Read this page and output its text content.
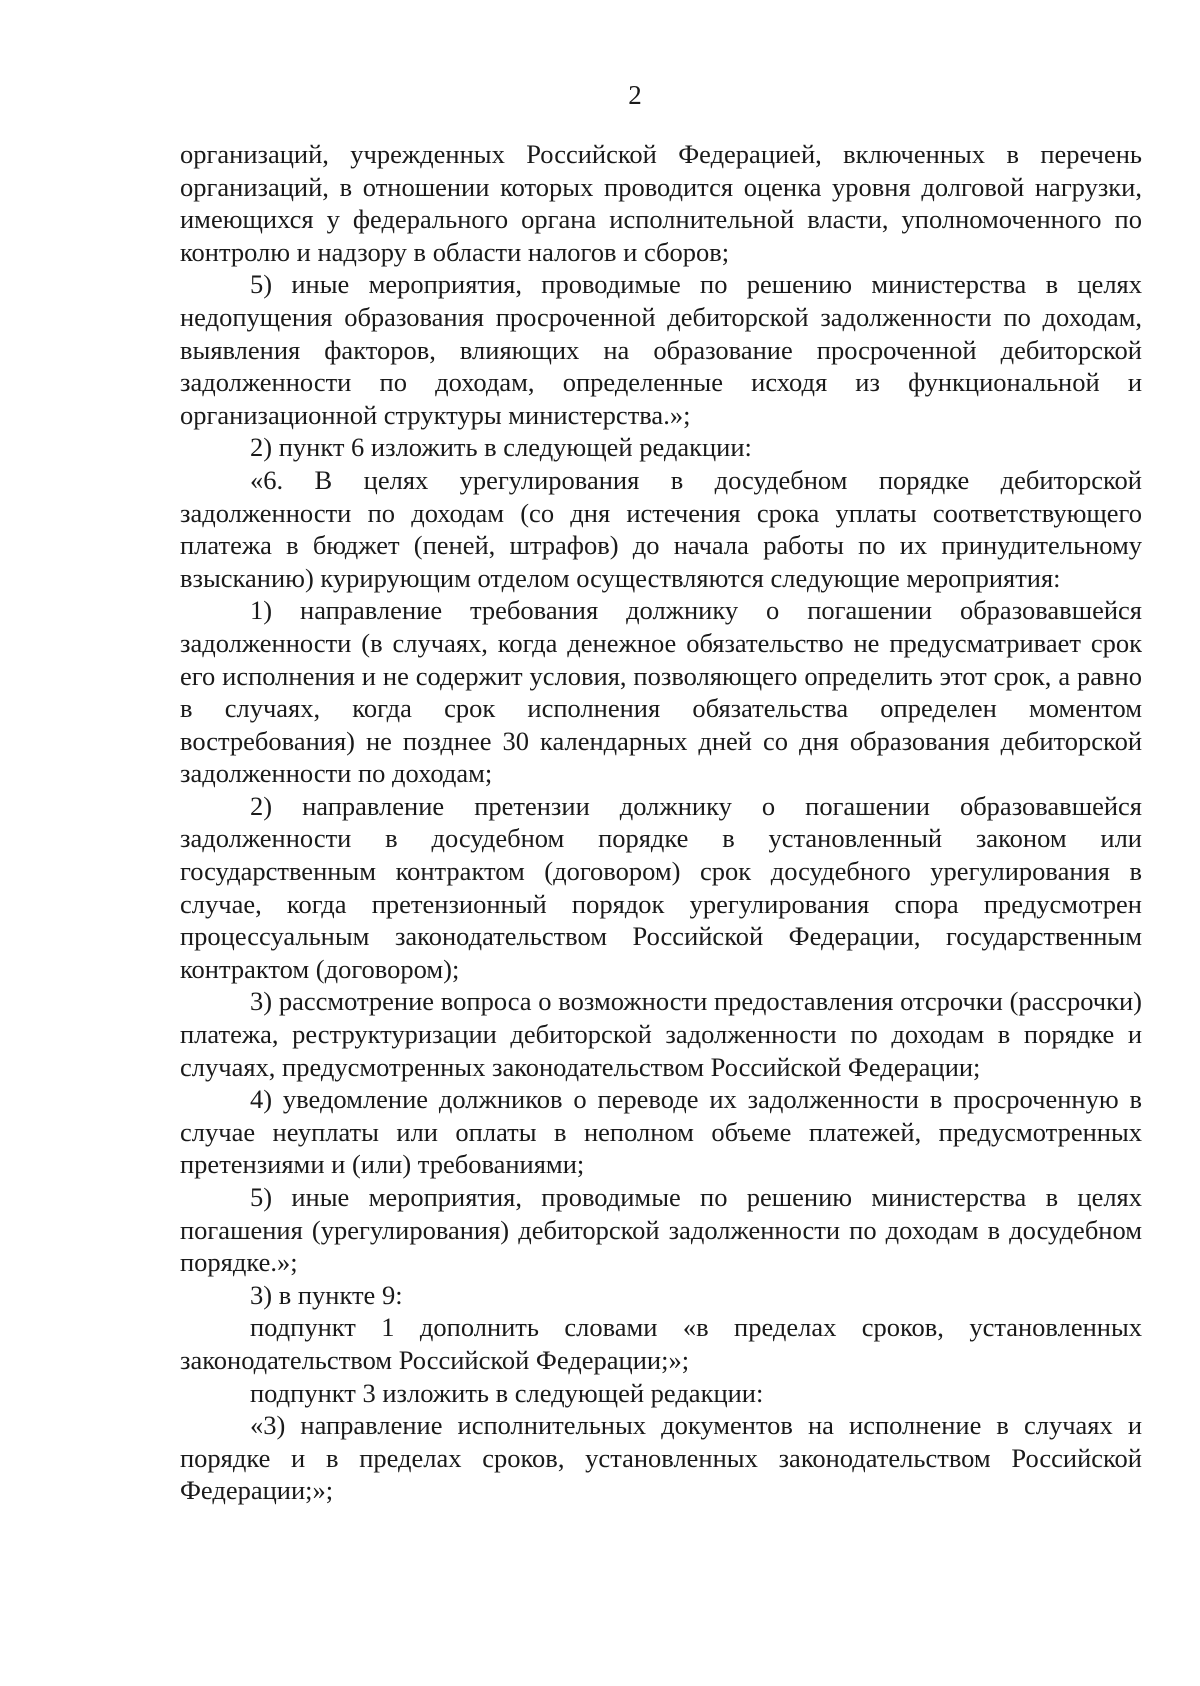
2

организаций, учрежденных Российской Федерацией, включенных в перечень организаций, в отношении которых проводится оценка уровня долговой нагрузки, имеющихся у федерального органа исполнительной власти, уполномоченного по контролю и надзору в области налогов и сборов;

5) иные мероприятия, проводимые по решению министерства в целях недопущения образования просроченной дебиторской задолженности по доходам, выявления факторов, влияющих на образование просроченной дебиторской задолженности по доходам, определенные исходя из функциональной и организационной структуры министерства.»;

2) пункт 6 изложить в следующей редакции:

«6. В целях урегулирования в досудебном порядке дебиторской задолженности по доходам (со дня истечения срока уплаты соответствующего платежа в бюджет (пеней, штрафов) до начала работы по их принудительному взысканию) курирующим отделом осуществляются следующие мероприятия:

1) направление требования должнику о погашении образовавшейся задолженности (в случаях, когда денежное обязательство не предусматривает срок его исполнения и не содержит условия, позволяющего определить этот срок, а равно в случаях, когда срок исполнения обязательства определен моментом востребования) не позднее 30 календарных дней со дня образования дебиторской задолженности по доходам;

2) направление претензии должнику о погашении образовавшейся задолженности в досудебном порядке в установленный законом или государственным контрактом (договором) срок досудебного урегулирования в случае, когда претензионный порядок урегулирования спора предусмотрен процессуальным законодательством Российской Федерации, государственным контрактом (договором);

3) рассмотрение вопроса о возможности предоставления отсрочки (рассрочки) платежа, реструктуризации дебиторской задолженности по доходам в порядке и случаях, предусмотренных законодательством Российской Федерации;

4) уведомление должников о переводе их задолженности в просроченную в случае неуплаты или оплаты в неполном объеме платежей, предусмотренных претензиями и (или) требованиями;

5) иные мероприятия, проводимые по решению министерства в целях погашения (урегулирования) дебиторской задолженности по доходам в досудебном порядке.»;

3) в пункте 9:

подпункт 1 дополнить словами «в пределах сроков, установленных законодательством Российской Федерации;»;

подпункт 3 изложить в следующей редакции:

«3) направление исполнительных документов на исполнение в случаях и порядке и в пределах сроков, установленных законодательством Российской Федерации;»;
